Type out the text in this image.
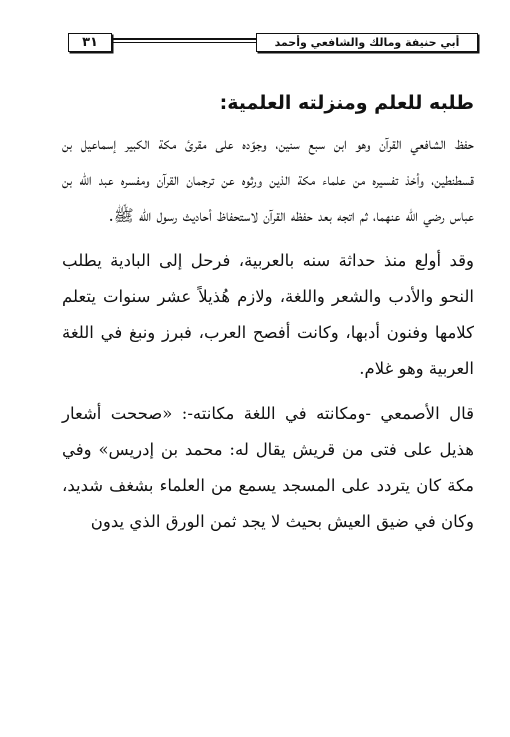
٣١	أبي حنيفة ومالك والشافعي وأحمد
طلبه للعلم ومنزلته العلمية:

حفظ الشافعي القرآن وهو ابن سبع سنين، وجوّده على مقرئ مكة الكبير إسماعيل بن قسطنطين، وأخذ تفسيره من علماء مكة الذين ورثوه عن ترجمان القرآن ومفسره عبد الله بن عباس رضي الله عنهما، ثم اتجه بعد حفظه القرآن لاستحفاظ أحاديث رسول الله ﷺ.

وقد أولع منذ حداثة سنه بالعربية، فرحل إلى البادية يطلب النحو والأدب والشعر واللغة، ولازم هُذيلاً عشر سنوات يتعلم كلامها وفنون أدبها، وكانت أفصح العرب، فبرز ونبغ في اللغة العربية وهو غلام.

قال الأصمعي -ومكانته في اللغة مكانته-: «صححت أشعار هذيل على فتى من قريش يقال له: محمد بن إدريس» وفي مكة كان يتردد على المسجد يسمع من العلماء بشغف شديد، وكان في ضيق العيش بحيث لا يجد ثمن الورق الذي يدون
